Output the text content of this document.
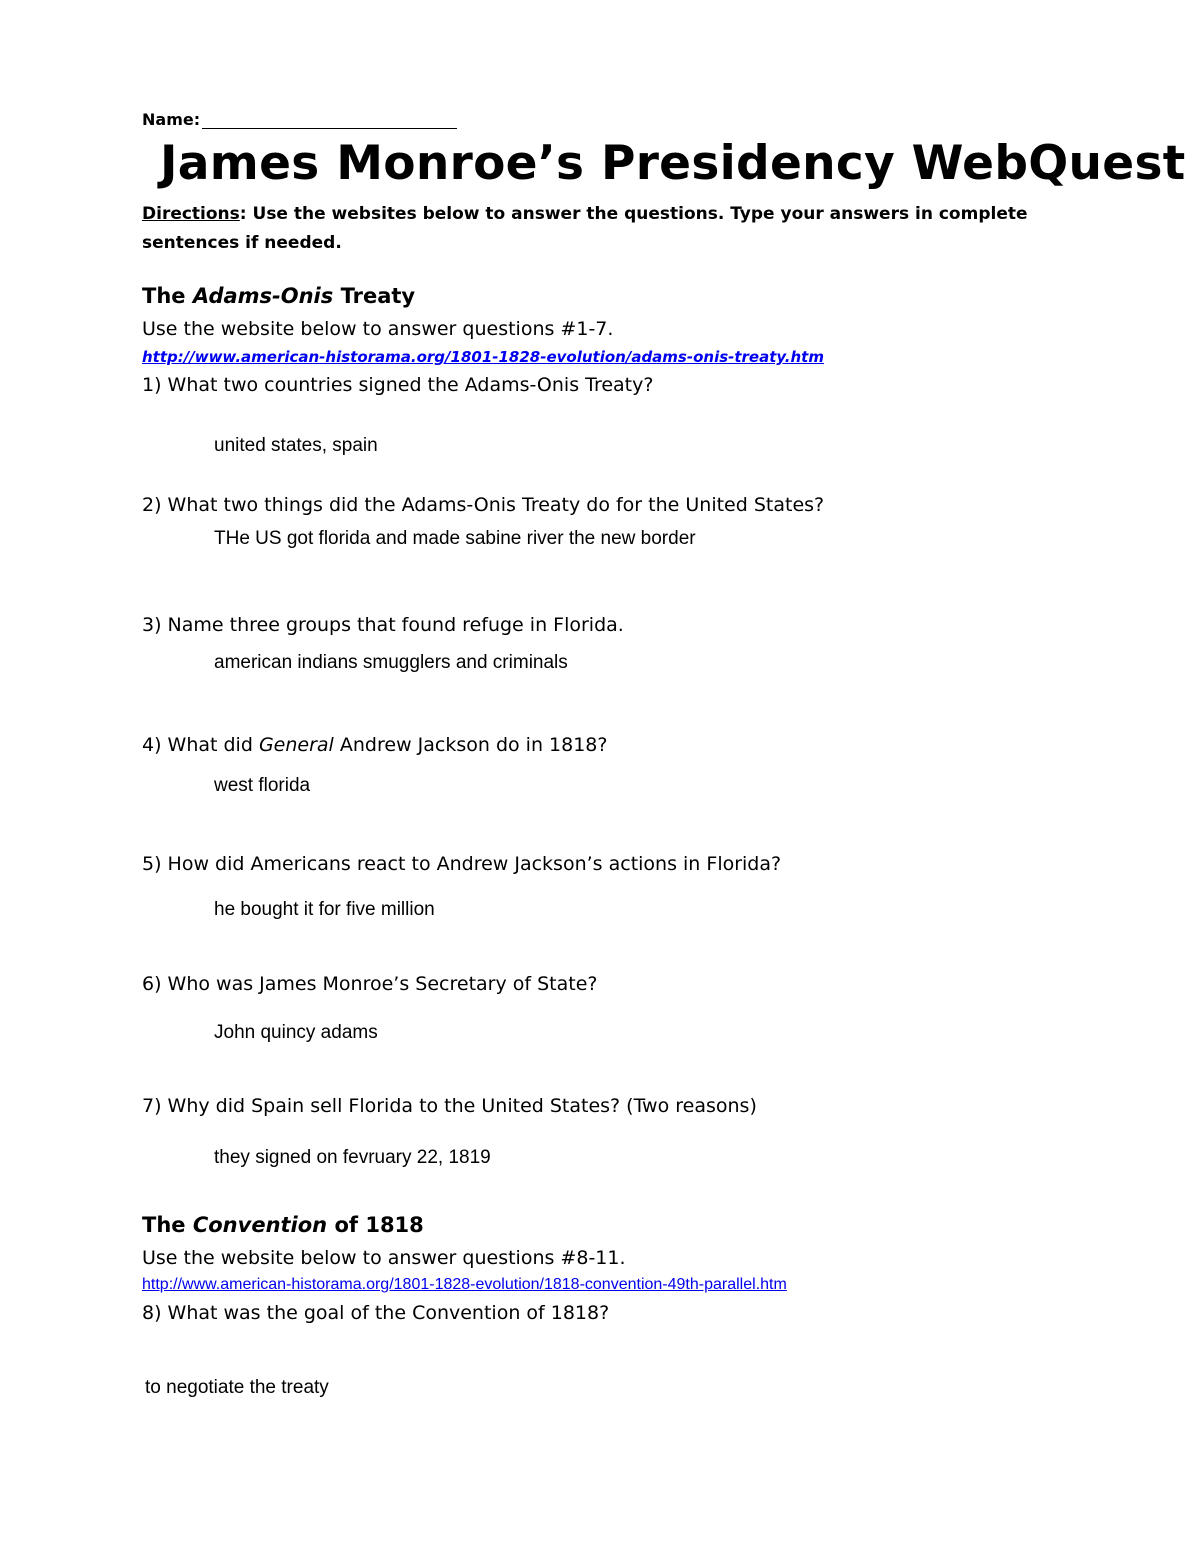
Name:
James Monroe’s Presidency WebQuest
Directions: Use the websites below to answer the questions. Type your answers in complete sentences if needed.
The Adams-Onis Treaty
Use the website below to answer questions #1-7.
http://www.american-historama.org/1801-1828-evolution/adams-onis-treaty.htm
1) What two countries signed the Adams-Onis Treaty?
united states, spain
2) What two things did the Adams-Onis Treaty do for the United States?
THe US got florida and made sabine river the new border
3) Name three groups that found refuge in Florida.
american indians smugglers and criminals
4) What did General Andrew Jackson do in 1818?
west florida
5) How did Americans react to Andrew Jackson’s actions in Florida?
he bought it for five million
6) Who was James Monroe’s Secretary of State?
John quincy adams
7) Why did Spain sell Florida to the United States? (Two reasons)
they signed on fevruary 22, 1819
The Convention of 1818
Use the website below to answer questions #8-11.
http://www.american-historama.org/1801-1828-evolution/1818-convention-49th-parallel.htm
8) What was the goal of the Convention of 1818?
to negotiate the treaty
